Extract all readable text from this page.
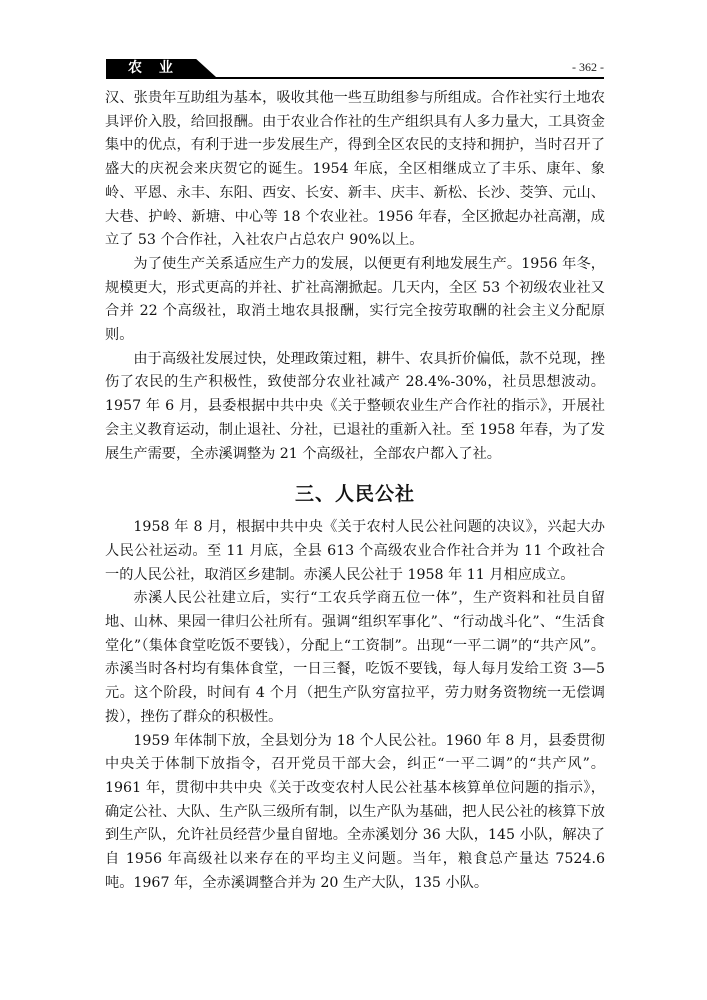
农 业	- 362 -

汉、张贵年互助组为基本，吸收其他一些互助组参与所组成。合作社实行土地农具评价入股，给回报酬。由于农业合作社的生产组织具有人多力量大，工具资金集中的优点，有利于进一步发展生产，得到全区农民的支持和拥护，当时召开了盛大的庆祝会来庆贺它的诞生。1954 年底，全区相继成立了丰乐、康年、象岭、平恩、永丰、东阳、西安、长安、新丰、庆丰、新松、长沙、茭笋、元山、大巷、护岭、新塘、中心等 18 个农业社。1956 年春，全区掀起办社高潮，成立了 53 个合作社，入社农户占总农户 90%以上。

为了使生产关系适应生产力的发展，以便更有利地发展生产。1956 年冬，规模更大，形式更高的并社、扩社高潮掀起。几天内，全区 53 个初级农业社又合并 22 个高级社，取消土地农具报酬，实行完全按劳取酬的社会主义分配原则。

由于高级社发展过快，处理政策过粗，耕牛、农具折价偏低，款不兑现，挫伤了农民的生产积极性，致使部分农业社减产 28.4%-30%，社员思想波动。1957 年 6 月，县委根据中共中央《关于整顿农业生产合作社的指示》，开展社会主义教育运动，制止退社、分社，已退社的重新入社。至 1958 年春，为了发展生产需要，全赤溪调整为 21 个高级社，全部农户都入了社。

三、人民公社

1958 年 8 月，根据中共中央《关于农村人民公社问题的决议》，兴起大办人民公社运动。至 11 月底，全县 613 个高级农业合作社合并为 11 个政社合一的人民公社，取消区乡建制。赤溪人民公社于 1958 年 11 月相应成立。

赤溪人民公社建立后，实行“工农兵学商五位一体”，生产资料和社员自留地、山林、果园一律归公社所有。强调“组织军事化”、“行动战斗化”、“生活食堂化”（集体食堂吃饭不要钱），分配上“工资制”。出现“一平二调”的“共产风”。赤溪当时各村均有集体食堂，一日三餐，吃饭不要钱，每人每月发给工资 3—5 元。这个阶段，时间有 4 个月（把生产队穷富拉平，劳力财务资物统一无偿调拨），挫伤了群众的积极性。

1959 年体制下放，全县划分为 18 个人民公社。1960 年 8 月，县委贯彻中央关于体制下放指令，召开党员干部大会，纠正“一平二调”的“共产风”。1961 年，贯彻中共中央《关于改变农村人民公社基本核算单位问题的指示》，确定公社、大队、生产队三级所有制，以生产队为基础，把人民公社的核算下放到生产队，允许社员经营少量自留地。全赤溪划分 36 大队，145 小队，解决了自 1956 年高级社以来存在的平均主义问题。当年，粮食总产量达 7524.6 吨。1967 年，全赤溪调整合并为 20 生产大队，135 小队。
